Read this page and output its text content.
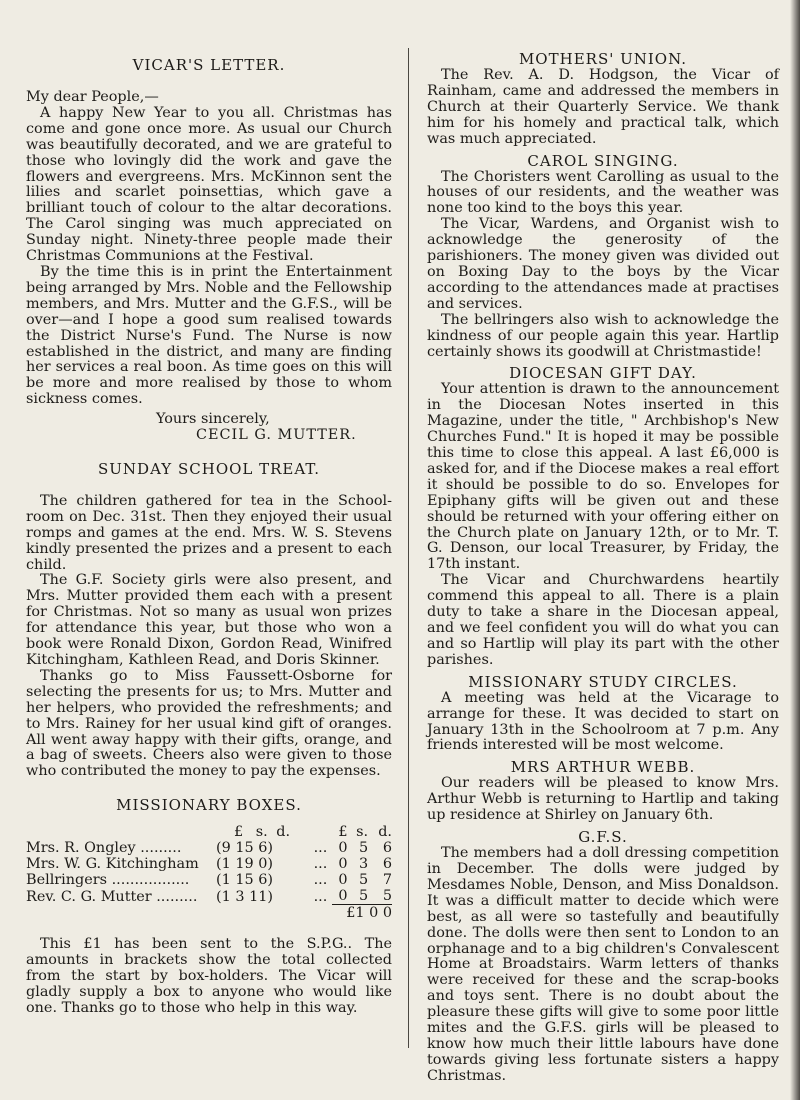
VICAR'S LETTER.

My dear People,—

A happy New Year to you all. Christmas has come and gone once more. As usual our Church was beautifully decorated, and we are grateful to those who lovingly did the work and gave the flowers and evergreens. Mrs. McKinnon sent the lilies and scarlet poinsettias, which gave a brilliant touch of colour to the altar decorations. The Carol singing was much appreciated on Sunday night. Ninety-three people made their Christmas Communions at the Festival.

By the time this is in print the Entertainment being arranged by Mrs. Noble and the Fellowship members, and Mrs. Mutter and the G.F.S., will be over—and I hope a good sum realised towards the District Nurse's Fund. The Nurse is now established in the district, and many are finding her services a real boon. As time goes on this will be more and more realised by those to whom sickness comes.

Yours sincerely,

CECIL G. MUTTER.

SUNDAY SCHOOL TREAT.

The children gathered for tea in the School-room on Dec. 31st. Then they enjoyed their usual romps and games at the end. Mrs. W. S. Stevens kindly presented the prizes and a present to each child.

The G.F. Society girls were also present, and Mrs. Mutter provided them each with a present for Christmas. Not so many as usual won prizes for attendance this year, but those who won a book were Ronald Dixon, Gordon Read, Winifred Kitchingham, Kathleen Read, and Doris Skinner.

Thanks go to Miss Faussett-Osborne for selecting the presents for us; to Mrs. Mutter and her helpers, who provided the refreshments; and to Mrs. Rainey for her usual kind gift of oranges. All went away happy with their gifts, orange, and a bag of sweets. Cheers also were given to those who contributed the money to pay the expenses.

MISSIONARY BOXES.
	£ s. d.		£	s.	d.
Mrs. R. Ongley .........	(9 15 6)	...	0	5	6
Mrs. W. G. Kitchingham	(1 19 0)	...	0	3	6
Bellringers .................	(1 15 6)	...	0	5	7
Rev. C. G. Mutter .........	(1 3 11)	...	0	5	5
			£1 0 0		

This £1 has been sent to the S.P.G.. The amounts in brackets show the total collected from the start by box-holders. The Vicar will gladly supply a box to anyone who would like one. Thanks go to those who help in this way.

MOTHERS' UNION.

The Rev. A. D. Hodgson, the Vicar of Rainham, came and addressed the members in Church at their Quarterly Service. We thank him for his homely and practical talk, which was much appreciated.

CAROL SINGING.

The Choristers went Carolling as usual to the houses of our residents, and the weather was none too kind to the boys this year.

The Vicar, Wardens, and Organist wish to acknowledge the generosity of the parishioners. The money given was divided out on Boxing Day to the boys by the Vicar according to the attendances made at practises and services.

The bellringers also wish to acknowledge the kindness of our people again this year. Hartlip certainly shows its goodwill at Christmastide!

DIOCESAN GIFT DAY.

Your attention is drawn to the announcement in the Diocesan Notes inserted in this Magazine, under the title, " Archbishop's New Churches Fund." It is hoped it may be possible this time to close this appeal. A last £6,000 is asked for, and if the Diocese makes a real effort it should be possible to do so. Envelopes for Epiphany gifts will be given out and these should be returned with your offering either on the Church plate on January 12th, or to Mr. T. G. Denson, our local Treasurer, by Friday, the 17th instant.

The Vicar and Churchwardens heartily commend this appeal to all. There is a plain duty to take a share in the Diocesan appeal, and we feel confident you will do what you can and so Hartlip will play its part with the other parishes.

MISSIONARY STUDY CIRCLES.

A meeting was held at the Vicarage to arrange for these. It was decided to start on January 13th in the Schoolroom at 7 p.m. Any friends interested will be most welcome.

MRS ARTHUR WEBB.

Our readers will be pleased to know Mrs. Arthur Webb is returning to Hartlip and taking up residence at Shirley on January 6th.

G.F.S.

The members had a doll dressing competition in December. The dolls were judged by Mesdames Noble, Denson, and Miss Donaldson. It was a difficult matter to decide which were best, as all were so tastefully and beautifully done. The dolls were then sent to London to an orphanage and to a big children's Convalescent Home at Broadstairs. Warm letters of thanks were received for these and the scrap-books and toys sent. There is no doubt about the pleasure these gifts will give to some poor little mites and the G.F.S. girls will be pleased to know how much their little labours have done towards giving less fortunate sisters a happy Christmas.
